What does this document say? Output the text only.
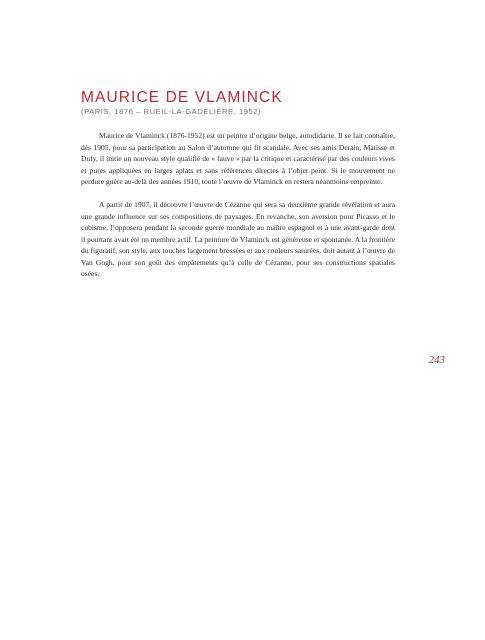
MAURICE DE VLAMINCK

(PARIS, 1876 – RUEIL-LA-GADELIÈRE, 1952)

Maurice de Vlaminck (1876-1952) est un peintre d’origine belge, autodidacte. Il se fait connaître, dès 1905, pour sa participation au Salon d’automne qui fit scandale. Avec ses amis Derain, Matisse et Dufy, il initie un nouveau style qualifié de « fauve » par la critique et caractérisé par des couleurs vives et pures appliquées en larges aplats et sans références directes à l’objet peint. Si le mouvement ne perdure guère au-delà des années 1910, toute l’œuvre de Vlaminck en restera néanmoins empreinte.

A partir de 1907, il découvre l’œuvre de Cézanne qui sera sa deuxième grande révélation et aura une grande influence sur ses compositions de paysages. En revanche, son aversion pour Picasso et le cubisme, l’opposera pendant la seconde guerre mondiale au maître espagnol et à une avant-garde dont il pourtant avait été un membre actif. La peinture de Vlaminck est généreuse et spontanée. A la frontière du figuratif, son style, aux touches largement brossées et aux couleurs saturées, doit autant à l’œuvre de Van Gogh, pour son goût des empâtements qu’à celle de Cézanne, pour ses constructions spatiales osées.

243
